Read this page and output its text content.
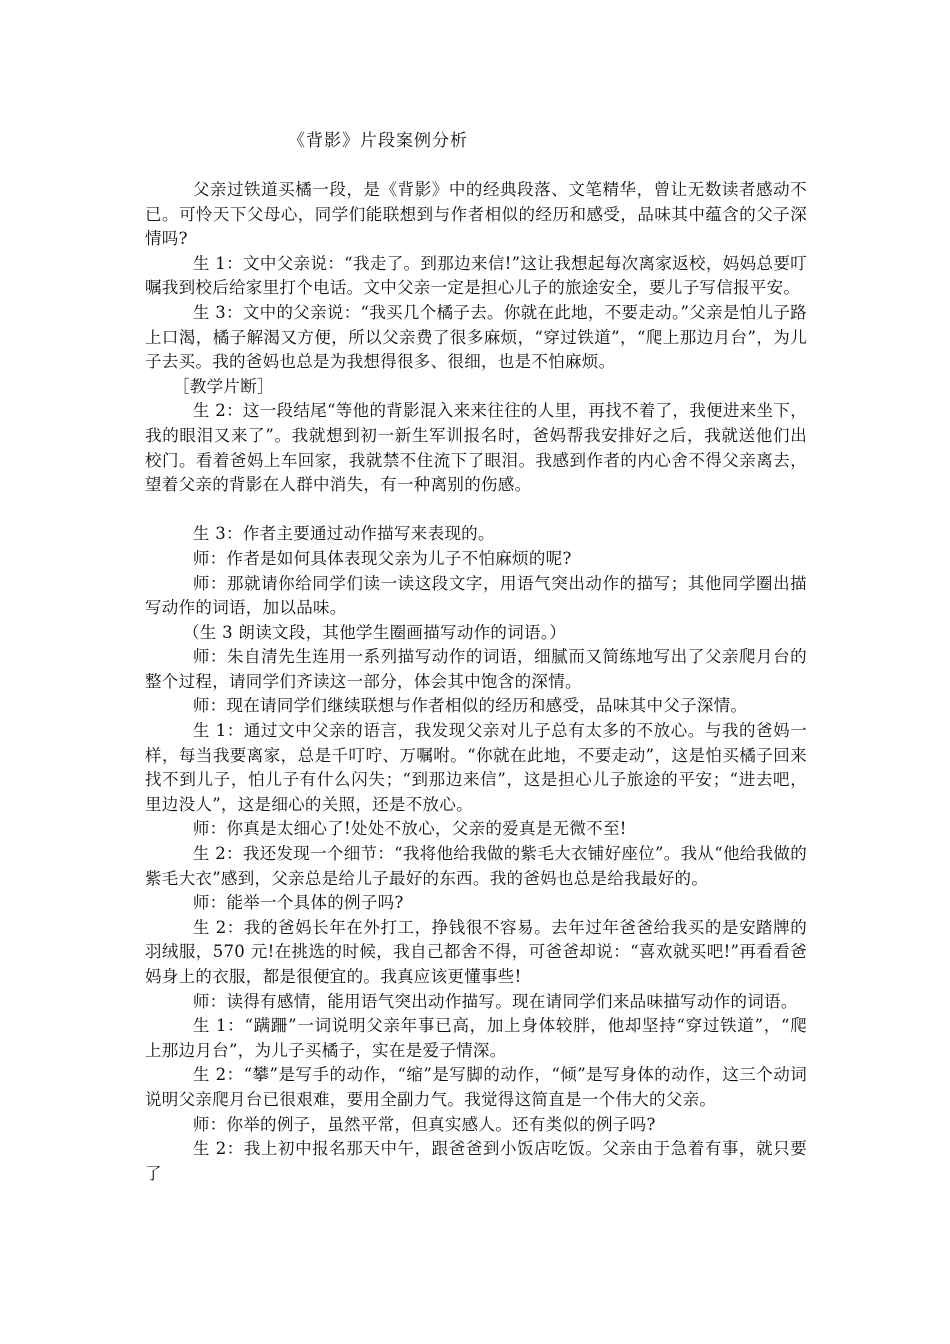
《背影》片段案例分析

父亲过铁道买橘一段，是《背影》中的经典段落、文笔精华，曾让无数读者感动不已。可怜天下父母心，同学们能联想到与作者相似的经历和感受，品味其中蕴含的父子深情吗?

生 1：文中父亲说：“我走了。到那边来信!”这让我想起每次离家返校，妈妈总要叮嘱我到校后给家里打个电话。文中父亲一定是担心儿子的旅途安全，要儿子写信报平安。

生 3：文中的父亲说：“我买几个橘子去。你就在此地，不要走动。”父亲是怕儿子路上口渴，橘子解渴又方便，所以父亲费了很多麻烦，“穿过铁道”，“爬上那边月台”，为儿子去买。我的爸妈也总是为我想得很多、很细，也是不怕麻烦。

［教学片断］

生 2：这一段结尾“等他的背影混入来来往往的人里，再找不着了，我便进来坐下，我的眼泪又来了”。我就想到初一新生军训报名时，爸妈帮我安排好之后，我就送他们出校门。看着爸妈上车回家，我就禁不住流下了眼泪。我感到作者的内心舍不得父亲离去，望着父亲的背影在人群中消失，有一种离别的伤感。

生 3：作者主要通过动作描写来表现的。

师：作者是如何具体表现父亲为儿子不怕麻烦的呢?

师：那就请你给同学们读一读这段文字，用语气突出动作的描写；其他同学圈出描写动作的词语，加以品味。

（生 3 朗读文段，其他学生圈画描写动作的词语。）

师：朱自清先生连用一系列描写动作的词语，细腻而又简练地写出了父亲爬月台的整个过程，请同学们齐读这一部分，体会其中饱含的深情。

师：现在请同学们继续联想与作者相似的经历和感受，品味其中父子深情。

生 1：通过文中父亲的语言，我发现父亲对儿子总有太多的不放心。与我的爸妈一样，每当我要离家，总是千叮咛、万嘱咐。“你就在此地，不要走动”，这是怕买橘子回来找不到儿子，怕儿子有什么闪失；“到那边来信”，这是担心儿子旅途的平安；“进去吧，里边没人”，这是细心的关照，还是不放心。

师：你真是太细心了!处处不放心，父亲的爱真是无微不至!

生 2：我还发现一个细节：“我将他给我做的紫毛大衣铺好座位”。我从“他给我做的紫毛大衣”感到，父亲总是给儿子最好的东西。我的爸妈也总是给我最好的。

师：能举一个具体的例子吗?

生 2：我的爸妈长年在外打工，挣钱很不容易。去年过年爸爸给我买的是安踏牌的羽绒服，570 元!在挑选的时候，我自己都舍不得，可爸爸却说：“喜欢就买吧!”再看看爸妈身上的衣服，都是很便宜的。我真应该更懂事些!

师：读得有感情，能用语气突出动作描写。现在请同学们来品味描写动作的词语。

生 1：“蹒跚”一词说明父亲年事已高，加上身体较胖，他却坚持“穿过铁道”，“爬上那边月台”，为儿子买橘子，实在是爱子情深。

生 2：“攀”是写手的动作，“缩”是写脚的动作，“倾”是写身体的动作，这三个动词说明父亲爬月台已很艰难，要用全副力气。我觉得这简直是一个伟大的父亲。

师：你举的例子，虽然平常，但真实感人。还有类似的例子吗?

生 2：我上初中报名那天中午，跟爸爸到小饭店吃饭。父亲由于急着有事，就只要了
